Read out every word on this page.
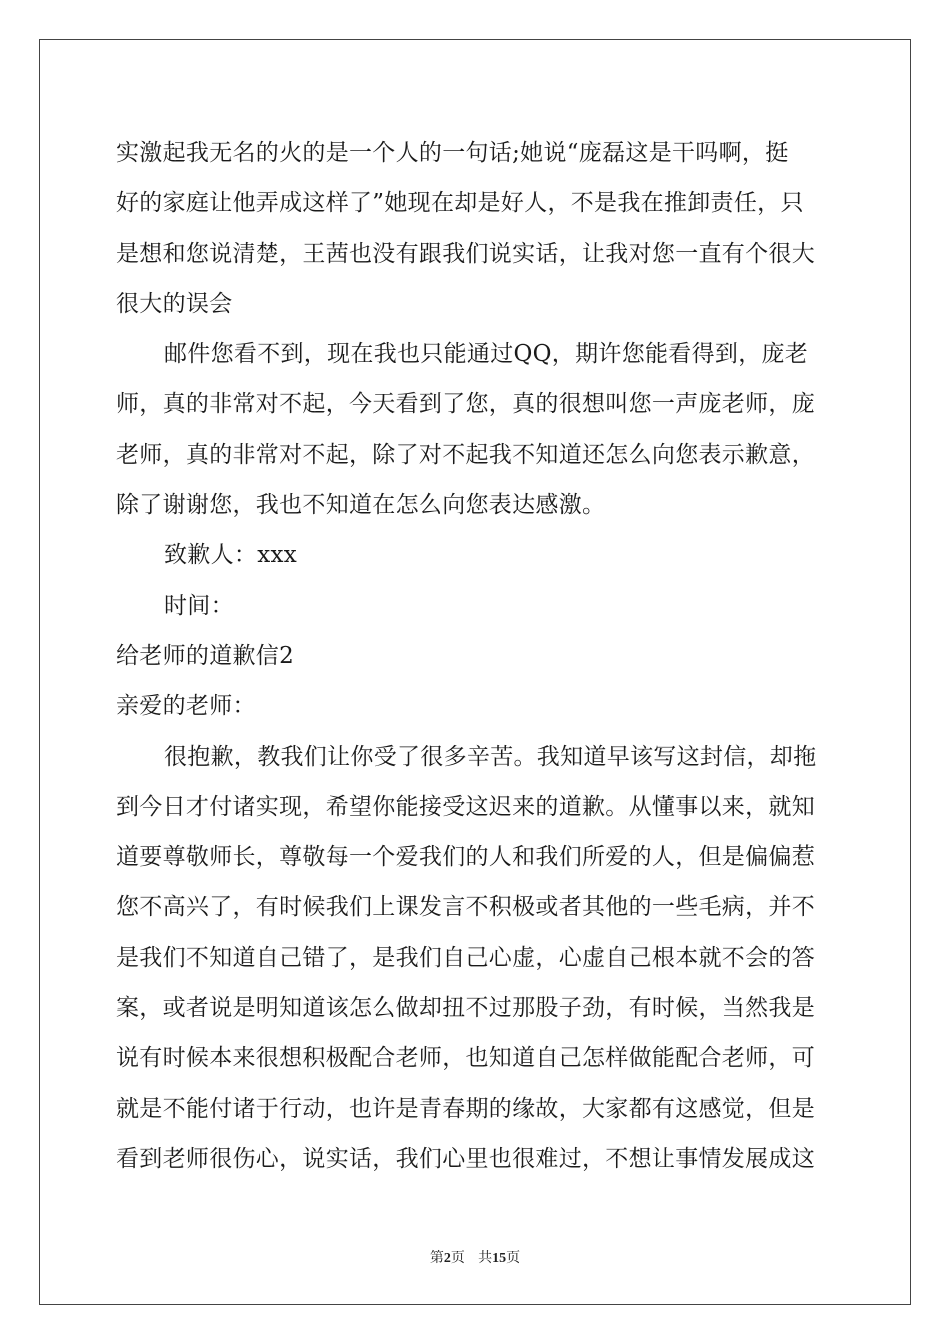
实激起我无名的火的是一个人的一句话;她说“庞磊这是干吗啊，挺
好的家庭让他弄成这样了”她现在却是好人，不是我在推卸责任，只
是想和您说清楚，王茜也没有跟我们说实话，让我对您一直有个很大
很大的误会
邮件您看不到，现在我也只能通过QQ，期许您能看得到，庞老
师，真的非常对不起，今天看到了您，真的很想叫您一声庞老师，庞
老师，真的非常对不起，除了对不起我不知道还怎么向您表示歉意，
除了谢谢您，我也不知道在怎么向您表达感激。
致歉人：xxx
时间：
给老师的道歉信2
亲爱的老师：
很抱歉，教我们让你受了很多辛苦。我知道早该写这封信，却拖
到今日才付诸实现，希望你能接受这迟来的道歉。从懂事以来，就知
道要尊敬师长，尊敬每一个爱我们的人和我们所爱的人，但是偏偏惹
您不高兴了，有时候我们上课发言不积极或者其他的一些毛病，并不
是我们不知道自己错了，是我们自己心虚，心虚自己根本就不会的答
案，或者说是明知道该怎么做却扭不过那股子劲，有时候，当然我是
说有时候本来很想积极配合老师，也知道自己怎样做能配合老师，可
就是不能付诸于行动，也许是青春期的缘故，大家都有这感觉，但是
看到老师很伤心，说实话，我们心里也很难过，不想让事情发展成这
第2页 共15页
